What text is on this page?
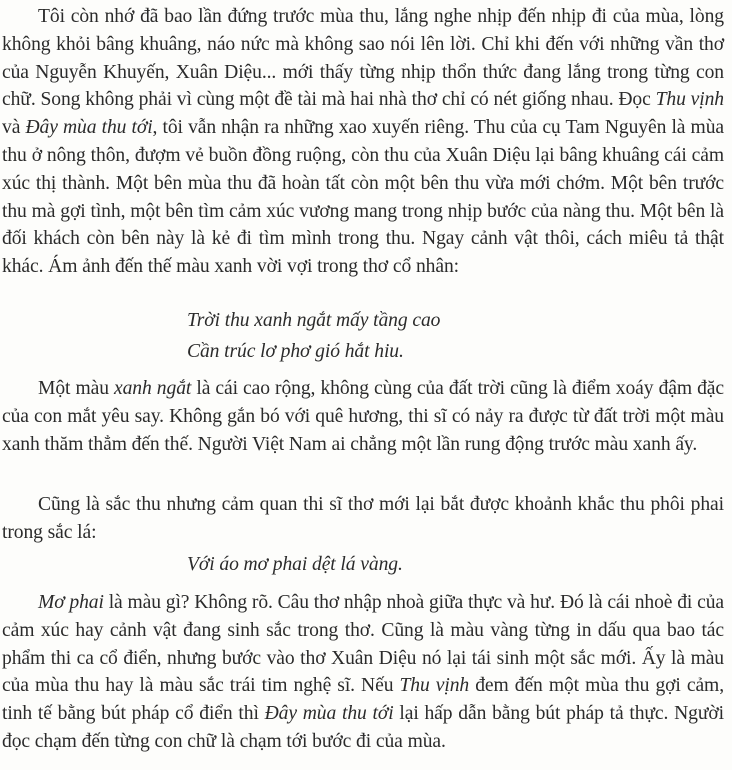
Tôi còn nhớ đã bao lần đứng trước mùa thu, lắng nghe nhịp đến nhịp đi của mùa, lòng không khỏi bâng khuâng, náo nức mà không sao nói lên lời. Chỉ khi đến với những vần thơ của Nguyễn Khuyến, Xuân Diệu... mới thấy từng nhịp thổn thức đang lắng trong từng con chữ. Song không phải vì cùng một đề tài mà hai nhà thơ chỉ có nét giống nhau. Đọc Thu vịnh và Đây mùa thu tới, tôi vẫn nhận ra những xao xuyến riêng. Thu của cụ Tam Nguyên là mùa thu ở nông thôn, đượm vẻ buồn đồng ruộng, còn thu của Xuân Diệu lại bâng khuâng cái cảm xúc thị thành. Một bên mùa thu đã hoàn tất còn một bên thu vừa mới chớm. Một bên trước thu mà gợi tình, một bên tìm cảm xúc vương mang trong nhịp bước của nàng thu. Một bên là đối khách còn bên này là kẻ đi tìm mình trong thu. Ngay cảnh vật thôi, cách miêu tả thật khác. Ám ảnh đến thế màu xanh vời vợi trong thơ cổ nhân:

Trời thu xanh ngắt mấy tầng cao

Cần trúc lơ phơ gió hắt hiu.

Một màu xanh ngắt là cái cao rộng, không cùng của đất trời cũng là điểm xoáy đậm đặc của con mắt yêu say. Không gắn bó với quê hương, thi sĩ có nảy ra được từ đất trời một màu xanh thăm thẳm đến thế. Người Việt Nam ai chẳng một lần rung động trước màu xanh ấy.

Cũng là sắc thu nhưng cảm quan thi sĩ thơ mới lại bắt được khoảnh khắc thu phôi phai trong sắc lá:

Với áo mơ phai dệt lá vàng.

Mơ phai là màu gì? Không rõ. Câu thơ nhập nhoà giữa thực và hư. Đó là cái nhoè đi của cảm xúc hay cảnh vật đang sinh sắc trong thơ. Cũng là màu vàng từng in dấu qua bao tác phẩm thi ca cổ điển, nhưng bước vào thơ Xuân Diệu nó lại tái sinh một sắc mới. Ấy là màu của mùa thu hay là màu sắc trái tim nghệ sĩ. Nếu Thu vịnh đem đến một mùa thu gợi cảm, tinh tế bằng bút pháp cổ điển thì Đây mùa thu tới lại hấp dẫn bằng bút pháp tả thực. Người đọc chạm đến từng con chữ là chạm tới bước đi của mùa.
